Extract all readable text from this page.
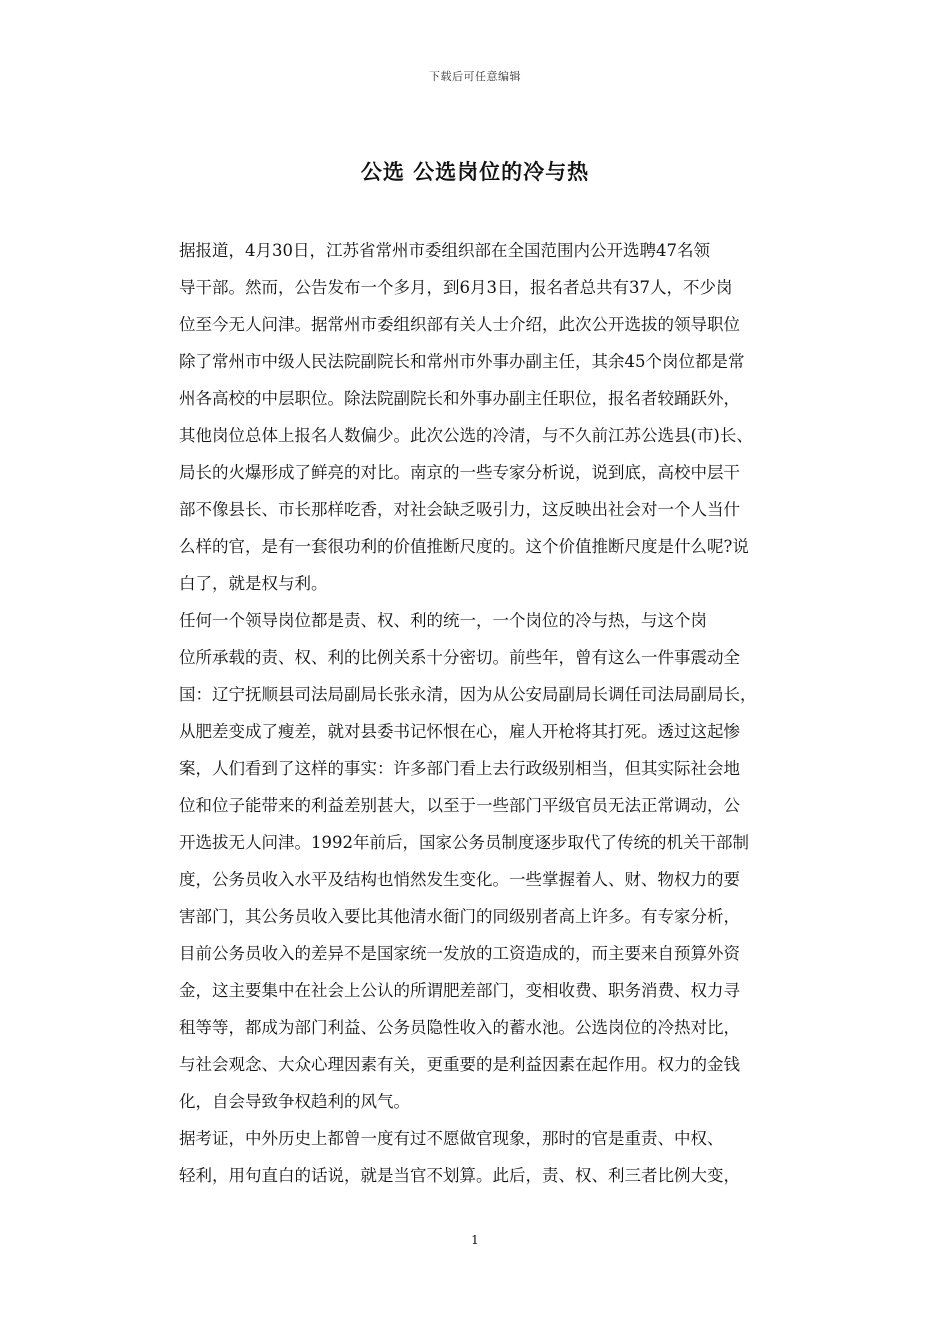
下载后可任意编辑
公选 公选岗位的冷与热

据报道，4月30日，江苏省常州市委组织部在全国范围内公开选聘47名领
导干部。然而，公告发布一个多月，到6月3日，报名者总共有37人，不少岗
位至今无人问津。据常州市委组织部有关人士介绍，此次公开选拔的领导职位
除了常州市中级人民法院副院长和常州市外事办副主任，其余45个岗位都是常
州各高校的中层职位。除法院副院长和外事办副主任职位，报名者较踊跃外，
其他岗位总体上报名人数偏少。此次公选的冷清，与不久前江苏公选县(市)长、
局长的火爆形成了鲜亮的对比。南京的一些专家分析说，说到底，高校中层干
部不像县长、市长那样吃香，对社会缺乏吸引力，这反映出社会对一个人当什
么样的官，是有一套很功利的价值推断尺度的。这个价值推断尺度是什么呢?说
白了，就是权与利。

任何一个领导岗位都是责、权、利的统一，一个岗位的冷与热，与这个岗
位所承载的责、权、利的比例关系十分密切。前些年，曾有这么一件事震动全
国：辽宁抚顺县司法局副局长张永清，因为从公安局副局长调任司法局副局长，
从肥差变成了瘦差，就对县委书记怀恨在心，雇人开枪将其打死。透过这起惨
案，人们看到了这样的事实：许多部门看上去行政级别相当，但其实际社会地
位和位子能带来的利益差别甚大，以至于一些部门平级官员无法正常调动，公
开选拔无人问津。1992年前后，国家公务员制度逐步取代了传统的机关干部制
度，公务员收入水平及结构也悄然发生变化。一些掌握着人、财、物权力的要
害部门，其公务员收入要比其他清水衙门的同级别者高上许多。有专家分析，
目前公务员收入的差异不是国家统一发放的工资造成的，而主要来自预算外资
金，这主要集中在社会上公认的所谓肥差部门，变相收费、职务消费、权力寻
租等等，都成为部门利益、公务员隐性收入的蓄水池。公选岗位的冷热对比，
与社会观念、大众心理因素有关，更重要的是利益因素在起作用。权力的金钱
化，自会导致争权趋利的风气。

据考证，中外历史上都曾一度有过不愿做官现象，那时的官是重责、中权、
轻利，用句直白的话说，就是当官不划算。此后，责、权、利三者比例大变，

1
